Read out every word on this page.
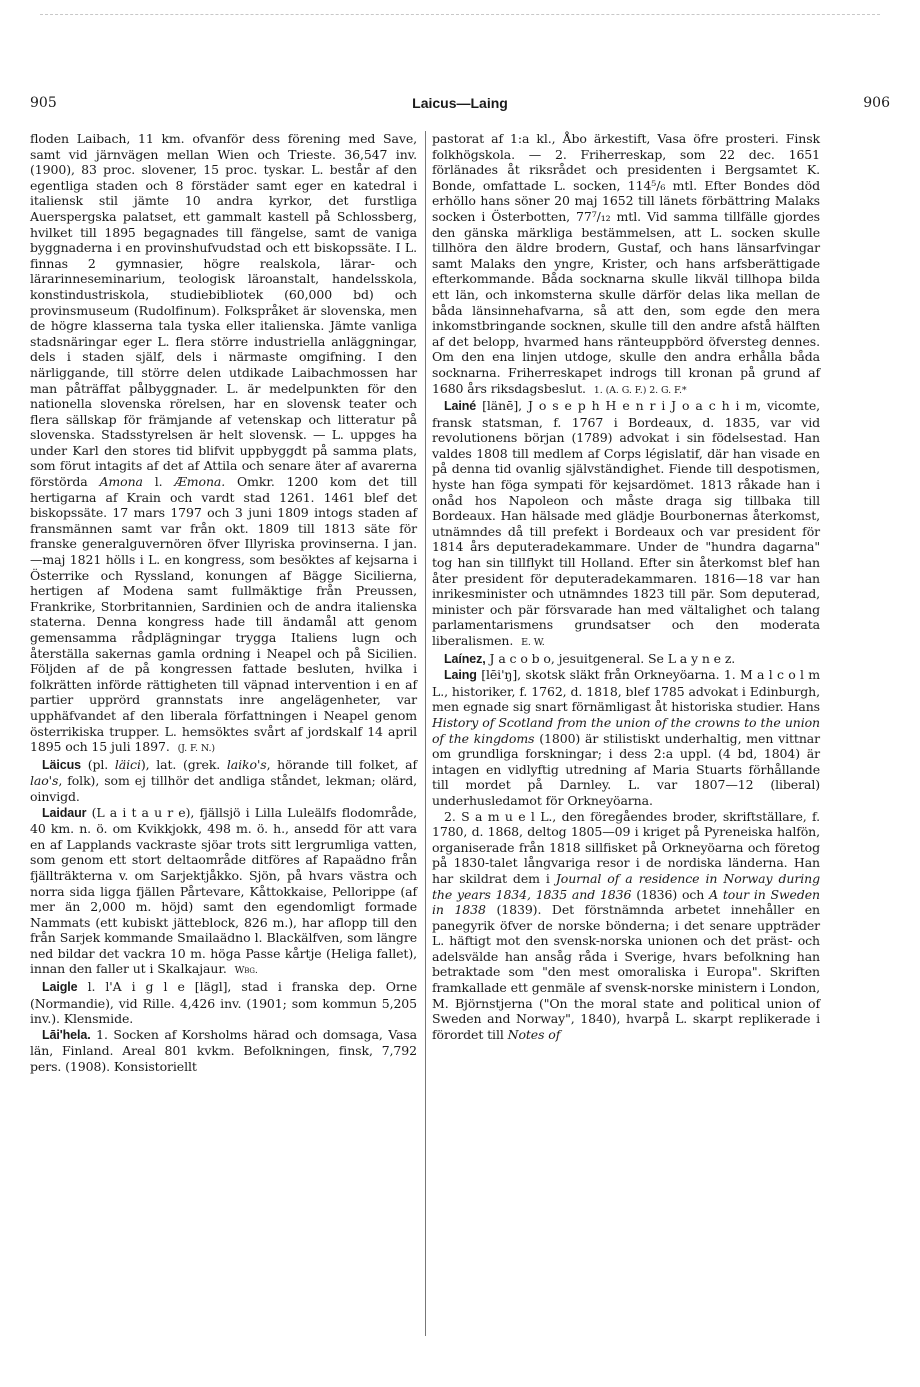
905	Laicus—Laing	906

floden Laibach, 11 km. ofvanför dess förening med Save, samt vid järnvägen mellan Wien och Trieste. 36,547 inv. (1900), 83 proc. slovener, 15 proc. tyskar. L. består af den egentliga staden och 8 förstäder samt eger en katedral i italiensk stil jämte 10 andra kyrkor, det furstliga Auerspergska palatset, ett gammalt kastell på Schlossberg, hvilket till 1895 begagnades till fängelse, samt de vaniga byggnaderna i en provinshufvudstad och ett biskopssäte. I L. finnas 2 gymnasier, högre realskola, lärar- och lärarinneseminarium, teologisk läroanstalt, handelsskola, konstindustriskola, studiebibliotek (60,000 bd) och provinsmuseum (Rudolfinum). Folkspråket är slovenska, men de högre klasserna tala tyska eller italienska. Jämte vanliga stadsnäringar eger L. flera större industriella anläggningar, dels i staden själf, dels i närmaste omgifning. I den närliggande, till större delen utdikade Laibachmossen har man påträffat pålbyggnader. L. är medelpunkten för den nationella slovenska rörelsen, har en slovensk teater och flera sällskap för främjande af vetenskap och litteratur på slovenska. Stadsstyrelsen är helt slovensk. — L. uppges ha under Karl den stores tid blifvit uppbyggdt på samma plats, som förut intagits af det af Attila och senare äter af avarerna förstörda Amona l. Æmona. Omkr. 1200 kom det till hertigarna af Krain och vardt stad 1261. 1461 blef det biskopssäte. 17 mars 1797 och 3 juni 1809 intogs staden af fransmännen samt var från okt. 1809 till 1813 säte för franske generalguvernören öfver Illyriska provinserna. I jan.—maj 1821 hölls i L. en kongress, som besöktes af kejsarna i Österrike och Ryssland, konungen af Bägge Sicilierna, hertigen af Modena samt fullmäktige från Preussen, Frankrike, Storbritannien, Sardinien och de andra italienska staterna. Denna kongress hade till ändamål att genom gemensamma rådplägningar trygga Italiens lugn och återställa sakernas gamla ordning i Neapel och på Sicilien. Följden af de på kongressen fattade besluten, hvilka i folkrätten införde rättigheten till väpnad intervention i en af partier upprörd grannstats inre angelägenheter, var upphäfvandet af den liberala författningen i Neapel genom österrikiska trupper. L. hemsöktes svårt af jordskalf 14 april 1895 och 15 juli 1897. (J. F. N.)

Läicus (pl. läici), lat. (grek. laiko's, hörande till folket, af lao's, folk), som ej tillhör det andliga ståndet, lekman; olärd, oinvigd.

Laidaur (L a i t a u r e), fjällsjö i Lilla Luleälfs flodområde, 40 km. n. ö. om Kvikkjokk, 498 m. ö. h., ansedd för att vara en af Lapplands vackraste sjöar trots sitt lergrumliga vatten, som genom ett stort deltaområde ditföres af Rapaädno från fjällträkterna v. om Sarjektjåkko. Sjön, på hvars västra och norra sida ligga fjällen Pårtevare, Kåttokkaise, Pellorippe (af mer än 2,000 m. höjd) samt den egendomligt formade Nammats (ett kubiskt jätteblock, 826 m.), har aflopp till den från Sarjek kommande Smailaädno l. Blackälfven, som längre ned bildar det vackra 10 m. höga Passe kårtje (Heliga fallet), innan den faller ut i Skalkajaur. Wbg.

Laigle l. l'A i g l e [lägl], stad i franska dep. Orne (Normandie), vid Rille. 4,426 inv. (1901; som kommun 5,205 inv.). Klensmide.

Lāi'hela. 1. Socken af Korsholms härad och domsaga, Vasa län, Finland. Areal 801 kvkm. Befolkningen, finsk, 7,792 pers. (1908). Konsistoriellt

pastorat af 1:a kl., Åbo ärkestift, Vasa öfre prosteri. Finsk folkhögskola. — 2. Friherreskap, som 22 dec. 1651 förlänades åt riksrådet och presidenten i Bergsamtet K. Bonde, omfattade L. socken, 114⁵/₆ mtl. Efter Bondes död erhöllo hans söner 20 maj 1652 till länets förbättring Malaks socken i Österbotten, 77⁷/₁₂ mtl. Vid samma tillfälle gjordes den gänska märkliga bestämmelsen, att L. socken skulle tillhöra den äldre brodern, Gustaf, och hans länsarfvingar samt Malaks den yngre, Krister, och hans arfsberättigade efterkommande. Båda socknarna skulle likväl tillhopa bilda ett län, och inkomsterna skulle därför delas lika mellan de båda länsinnehafvarna, så att den, som egde den mera inkomstbringande socknen, skulle till den andre afstå hälften af det belopp, hvarmed hans ränteuppbörd öfversteg dennes. Om den ena linjen utdoge, skulle den andra erhålla båda socknarna. Friherreskapet indrogs till kronan på grund af 1680 års riksdagsbeslut. 1. (A. G. F.) 2. G. F.*

Lainé [länē], J o s e p h H e n r i J o a c h i m, vicomte, fransk statsman, f. 1767 i Bordeaux, d. 1835, var vid revolutionens början (1789) advokat i sin födelsestad. Han valdes 1808 till medlem af Corps législatif, där han visade en på denna tid ovanlig självständighet. Fiende till despotismen, hyste han föga sympati för kejsardömet. 1813 råkade han i onåd hos Napoleon och måste draga sig tillbaka till Bordeaux. Han hälsade med glädje Bourbonernas återkomst, utnämndes då till prefekt i Bordeaux och var president för 1814 års deputeradekammare. Under de "hundra dagarna" tog han sin tillflykt till Holland. Efter sin återkomst blef han åter president för deputeradekammaren. 1816—18 var han inrikesminister och utnämndes 1823 till pär. Som deputerad, minister och pär försvarade han med vältalighet och talang parlamentarismens grundsatser och den moderata liberalismen. E. W.

Laínez, J a c o b o, jesuitgeneral. Se L a y n e z.

Laing [lēi'ŋ], skotsk släkt från Orkneyöarna. 1. M a l c o l m L., historiker, f. 1762, d. 1818, blef 1785 advokat i Edinburgh, men egnade sig snart förnämligast åt historiska studier. Hans History of Scotland from the union of the crowns to the union of the kingdoms (1800) är stilistiskt underhaltig, men vittnar om grundliga forskningar; i dess 2:a uppl. (4 bd, 1804) är intagen en vidlyftig utredning af Maria Stuarts förhållande till mordet på Darnley. L. var 1807—12 (liberal) underhusledamot för Orkneyöarna.

2. S a m u e l L., den föregåendes broder, skriftställare, f. 1780, d. 1868, deltog 1805—09 i kriget på Pyreneiska halfön, organiserade från 1818 sillfisket på Orkneyöarna och företog på 1830-talet långvariga resor i de nordiska länderna. Han har skildrat dem i Journal of a residence in Norway during the years 1834, 1835 and 1836 (1836) och A tour in Sweden in 1838 (1839). Det förstnämnda arbetet innehåller en panegyrik öfver de norske bönderna; i det senare uppträder L. häftigt mot den svensk-norska unionen och det präst- och adelsvälde han ansåg råda i Sverige, hvars befolkning han betraktade som "den mest omoraliska i Europa". Skriften framkallade ett genmäle af svensk-norske ministern i London, M. Björnstjerna ("On the moral state and political union of Sweden and Norway", 1840), hvarpå L. skarpt replikerade i förordet till Notes of
